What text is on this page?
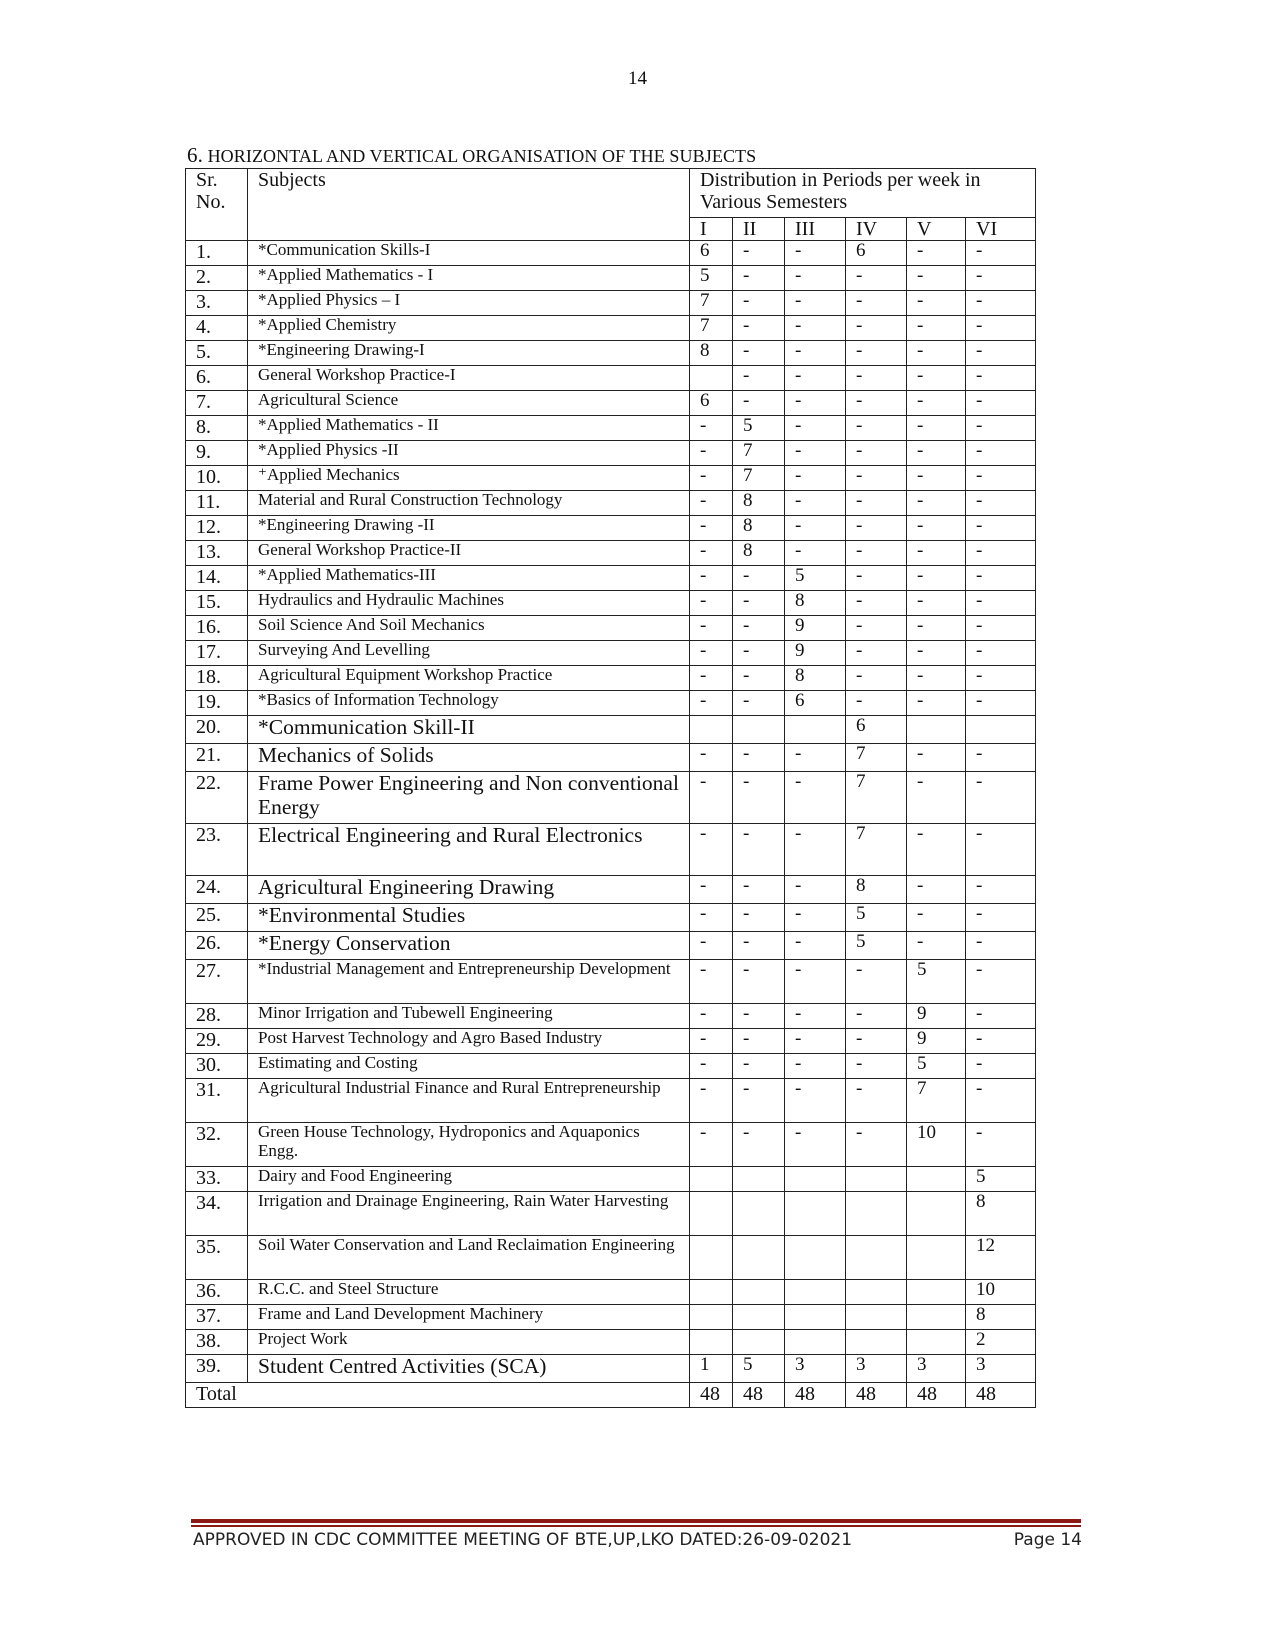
14
6. HORIZONTAL AND VERTICAL ORGANISATION OF THE SUBJECTS
Sr. No.	Subjects	Distribution in Periods per week in Various Semesters					
		I	II	III	IV	V	VI
1.	*Communication Skills-I	6	-	-	6	-	-
2.	*Applied Mathematics - I	5	-	-	-	-	-
3.	*Applied Physics – I	7	-	-	-	-	-
4.	*Applied Chemistry	7	-	-	-	-	-
5.	*Engineering Drawing-I	8	-	-	-	-	-
6.	General Workshop Practice-I		-	-	-	-	-
7.	Agricultural Science	6	-	-	-	-	-
8.	*Applied Mathematics - II	-	5	-	-	-	-
9.	*Applied Physics -II	-	7	-	-	-	-
10.	⁺Applied Mechanics	-	7	-	-	-	-
11.	Material and Rural Construction Technology	-	8	-	-	-	-
12.	*Engineering Drawing -II	-	8	-	-	-	-
13.	General Workshop Practice-II	-	8	-	-	-	-
14.	*Applied Mathematics-III	-	-	5	-	-	-
15.	Hydraulics and Hydraulic Machines	-	-	8	-	-	-
16.	Soil Science And Soil Mechanics	-	-	9	-	-	-
17.	Surveying And Levelling	-	-	9	-	-	-
18.	Agricultural Equipment Workshop Practice	-	-	8	-	-	-
19.	*Basics of Information Technology	-	-	6	-	-	-
20.	*Communication Skill-II				6		
21.	Mechanics of Solids	-	-	-	7	-	-
22.	Frame Power Engineering and Non conventional Energy	-	-	-	7	-	-
23.	Electrical Engineering and Rural Electronics	-	-	-	7	-	-
24.	Agricultural Engineering Drawing	-	-	-	8	-	-
25.	*Environmental Studies	-	-	-	5	-	-
26.	*Energy Conservation	-	-	-	5	-	-
27.	*Industrial Management and Entrepreneurship Development	-	-	-	-	5	-
28.	Minor Irrigation and Tubewell Engineering	-	-	-	-	9	-
29.	Post Harvest Technology and Agro Based Industry	-	-	-	-	9	-
30.	Estimating and Costing	-	-	-	-	5	-
31.	Agricultural Industrial Finance and Rural Entrepreneurship	-	-	-	-	7	-
32.	Green House Technology, Hydroponics and Aquaponics Engg.	-	-	-	-	10	-
33.	Dairy and Food Engineering						5
34.	Irrigation and Drainage Engineering, Rain Water Harvesting						8
35.	Soil Water Conservation and Land Reclaimation Engineering						12
36.	R.C.C. and Steel Structure						10
37.	Frame and Land Development Machinery						8
38.	Project Work						2
39.	Student Centred Activities (SCA)	1	5	3	3	3	3
Total		48	48	48	48	48	48
APPROVED IN CDC COMMITTEE MEETING OF BTE,UP,LKO DATED:26-09-02021	Page 14
